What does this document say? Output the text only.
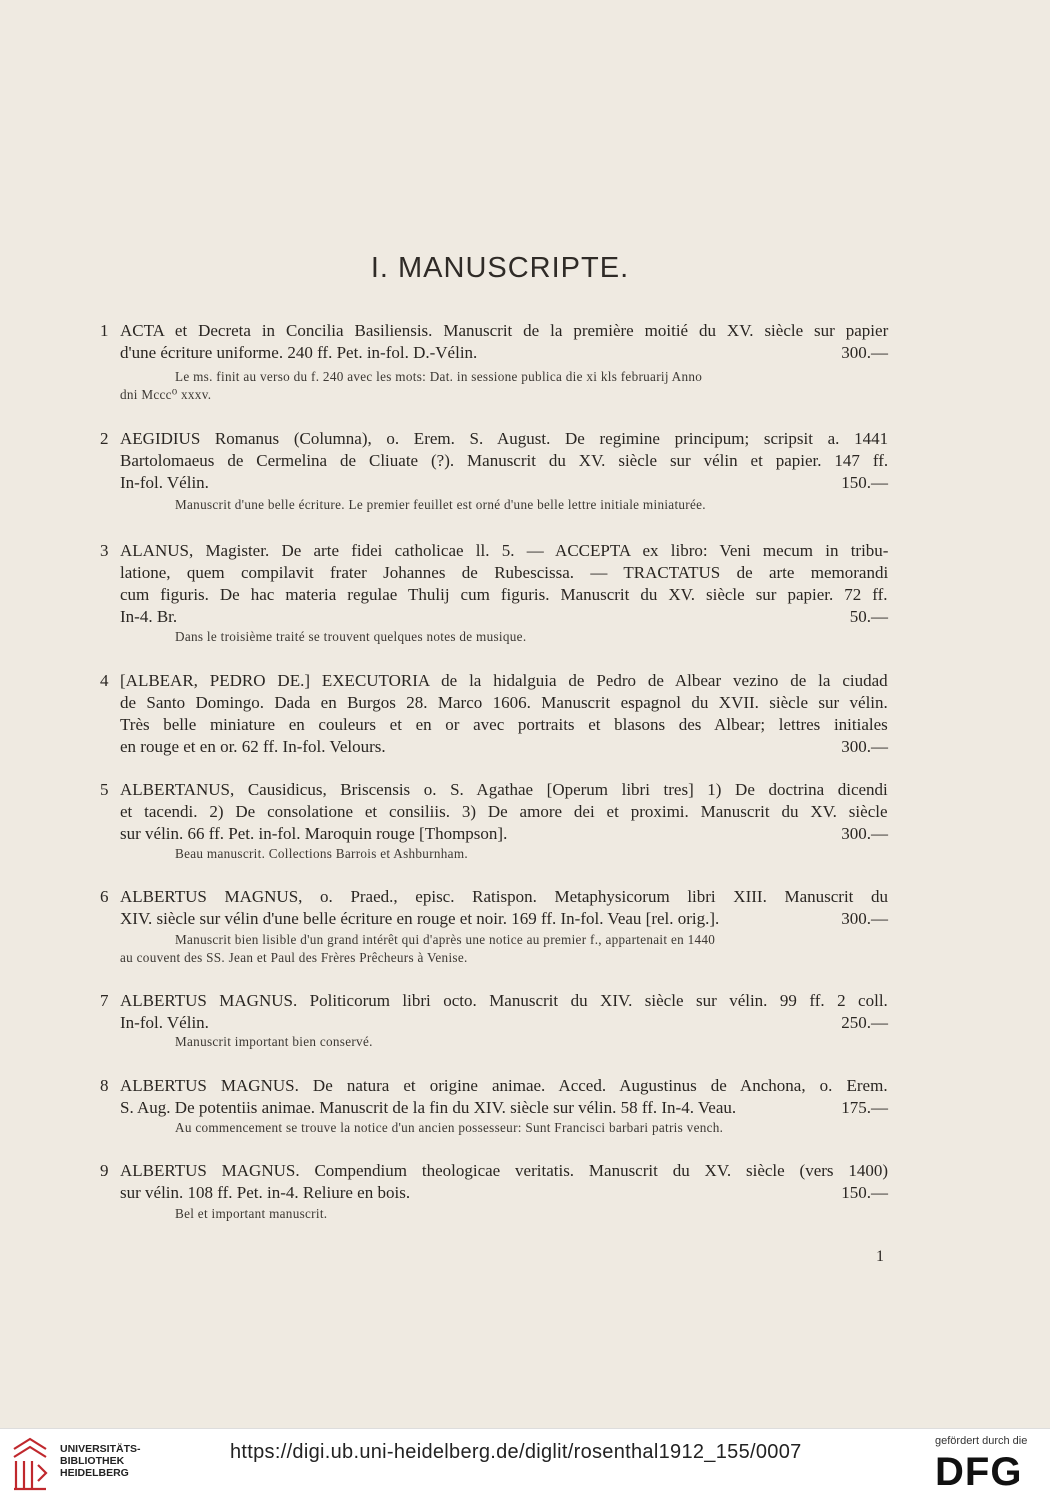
I. MANUSCRIPTE.
1 ACTA et Decreta in Concilia Basiliensis. Manuscrit de la première moitié du XV. siècle sur papier
d'une écriture uniforme. 240 ff. Pet. in-fol. D.-Vélin.	300.—
Le ms. finit au verso du f. 240 avec les mots: Dat. in sessione publica die xi kls februarij Anno
dni Mccc⁰ xxxv.
2 AEGIDIUS Romanus (Columna), o. Erem. S. August. De regimine principum; scripsit a. 1441
Bartolomaeus de Cermelina de Cliuate (?). Manuscrit du XV. siècle sur vélin et papier. 147 ff.
In-fol. Vélin.	150.—
Manuscrit d'une belle écriture. Le premier feuillet est orné d'une belle lettre initiale miniaturée.
3 ALANUS, Magister. De arte fidei catholicae ll. 5. — ACCEPTA ex libro: Veni mecum in tribu-
latione, quem compilavit frater Johannes de Rubescissa. — TRACTATUS de arte memorandi
cum figuris. De hac materia regulae Thulij cum figuris. Manuscrit du XV. siècle sur papier. 72 ff.
In-4. Br.	50.—
Dans le troisième traité se trouvent quelques notes de musique.
4 [ALBEAR, PEDRO DE.] EXECUTORIA de la hidalguia de Pedro de Albear vezino de la ciudad
de Santo Domingo. Dada en Burgos 28. Marco 1606. Manuscrit espagnol du XVII. siècle sur vélin.
Très belle miniature en couleurs et en or avec portraits et blasons des Albear; lettres initiales
en rouge et en or. 62 ff. In-fol. Velours.	300.—
5 ALBERTANUS, Causidicus, Briscensis o. S. Agathae [Operum libri tres] 1) De doctrina dicendi
et tacendi. 2) De consolatione et consiliis. 3) De amore dei et proximi. Manuscrit du XV. siècle
sur vélin. 66 ff. Pet. in-fol. Maroquin rouge [Thompson].	300.—
Beau manuscrit. Collections Barrois et Ashburnham.
6 ALBERTUS MAGNUS, o. Praed., episc. Ratispon. Metaphysicorum libri XIII. Manuscrit du
XIV. siècle sur vélin d'une belle écriture en rouge et noir. 169 ff. In-fol. Veau [rel. orig.].	300.—
Manuscrit bien lisible d'un grand intérêt qui d'après une notice au premier f., appartenait en 1440
au couvent des SS. Jean et Paul des Frères Prêcheurs à Venise.
7 ALBERTUS MAGNUS. Politicorum libri octo. Manuscrit du XIV. siècle sur vélin. 99 ff. 2 coll.
In-fol. Vélin.	250.—
Manuscrit important bien conservé.
8 ALBERTUS MAGNUS. De natura et origine animae. Acced. Augustinus de Anchona, o. Erem.
S. Aug. De potentiis animae. Manuscrit de la fin du XIV. siècle sur vélin. 58 ff. In-4. Veau.	175.—
Au commencement se trouve la notice d'un ancien possesseur: Sunt Francisci barbari patris vench.
9 ALBERTUS MAGNUS. Compendium theologicae veritatis. Manuscrit du XV. siècle (vers 1400)
sur vélin. 108 ff. Pet. in-4. Reliure en bois.	150.—
Bel et important manuscrit.
1
UNIVERSITÄTS-
BIBLIOTHEK
HEIDELBERG
https://digi.ub.uni-heidelberg.de/diglit/rosenthal1912_155/0007	gefördert durch die
DFG
